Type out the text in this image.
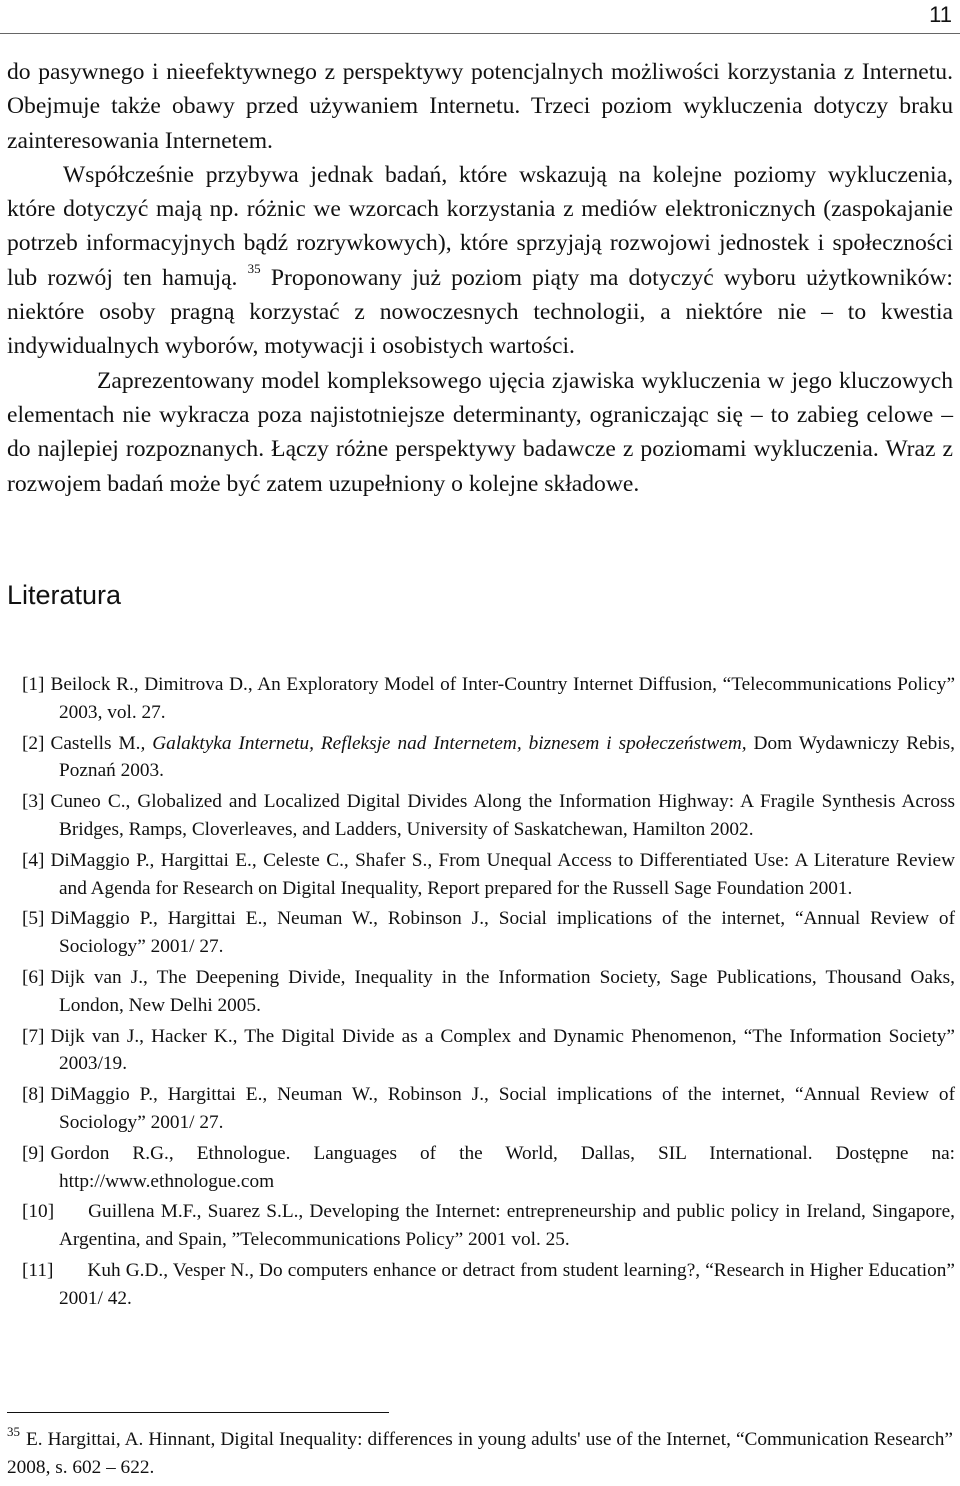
11

do pasywnego i nieefektywnego z perspektywy potencjalnych możliwości korzystania z Internetu. Obejmuje także obawy przed używaniem Internetu. Trzeci poziom wykluczenia dotyczy braku zainteresowania Internetem.

Współcześnie przybywa jednak badań, które wskazują na kolejne poziomy wykluczenia, które dotyczyć mają np. różnic we wzorcach korzystania z mediów elektronicznych (zaspokajanie potrzeb informacyjnych bądź rozrywkowych), które sprzyjają rozwojowi jednostek i społeczności lub rozwój ten hamują. $^{35}$ Proponowany już poziom piąty ma dotyczyć wyboru użytkowników: niektóre osoby pragną korzystać z nowoczesnych technologii, a niektóre nie – to kwestia indywidualnych wyborów, motywacji i osobistych wartości.

Zaprezentowany model kompleksowego ujęcia zjawiska wykluczenia w jego kluczowych elementach nie wykracza poza najistotniejsze determinanty, ograniczając się – to zabieg celowe – do najlepiej rozpoznanych. Łączy różne perspektywy badawcze z poziomami wykluczenia. Wraz z rozwojem badań może być zatem uzupełniony o kolejne składowe.

Literatura
[1] Beilock R., Dimitrova D., An Exploratory Model of Inter-Country Internet Diffusion, “Telecommunications Policy” 2003, vol. 27.
[2] Castells M., Galaktyka Internetu, Refleksje nad Internetem, biznesem i społeczeństwem, Dom Wydawniczy Rebis, Poznań 2003.
[3] Cuneo C., Globalized and Localized Digital Divides Along the Information Highway: A Fragile Synthesis Across Bridges, Ramps, Cloverleaves, and Ladders, University of Saskatchewan, Hamilton 2002.
[4] DiMaggio P., Hargittai E., Celeste C., Shafer S., From Unequal Access to Differentiated Use: A Literature Review and Agenda for Research on Digital Inequality, Report prepared for the Russell Sage Foundation 2001.
[5] DiMaggio P., Hargittai E., Neuman W., Robinson J., Social implications of the internet, “Annual Review of Sociology” 2001/ 27.
[6] Dijk van J., The Deepening Divide, Inequality in the Information Society, Sage Publications, Thousand Oaks, London, New Delhi 2005.
[7] Dijk van J., Hacker K., The Digital Divide as a Complex and Dynamic Phenomenon, “The Information Society” 2003/19.
[8] DiMaggio P., Hargittai E., Neuman W., Robinson J., Social implications of the internet, “Annual Review of Sociology” 2001/ 27.
[9] Gordon R.G., Ethnologue. Languages of the World, Dallas, SIL International. Dostępne na: http://www.ethnologue.com
[10] Guillena M.F., Suarez S.L., Developing the Internet: entrepreneurship and public policy in Ireland, Singapore, Argentina, and Spain, ”Telecommunications Policy” 2001 vol. 25.
[11] Kuh G.D., Vesper N., Do computers enhance or detract from student learning?, “Research in Higher Education” 2001/ 42.

$^{35}$ E. Hargittai, A. Hinnant, Digital Inequality: differences in young adults' use of the Internet, “Communication Research” 2008, s. 602 – 622.
